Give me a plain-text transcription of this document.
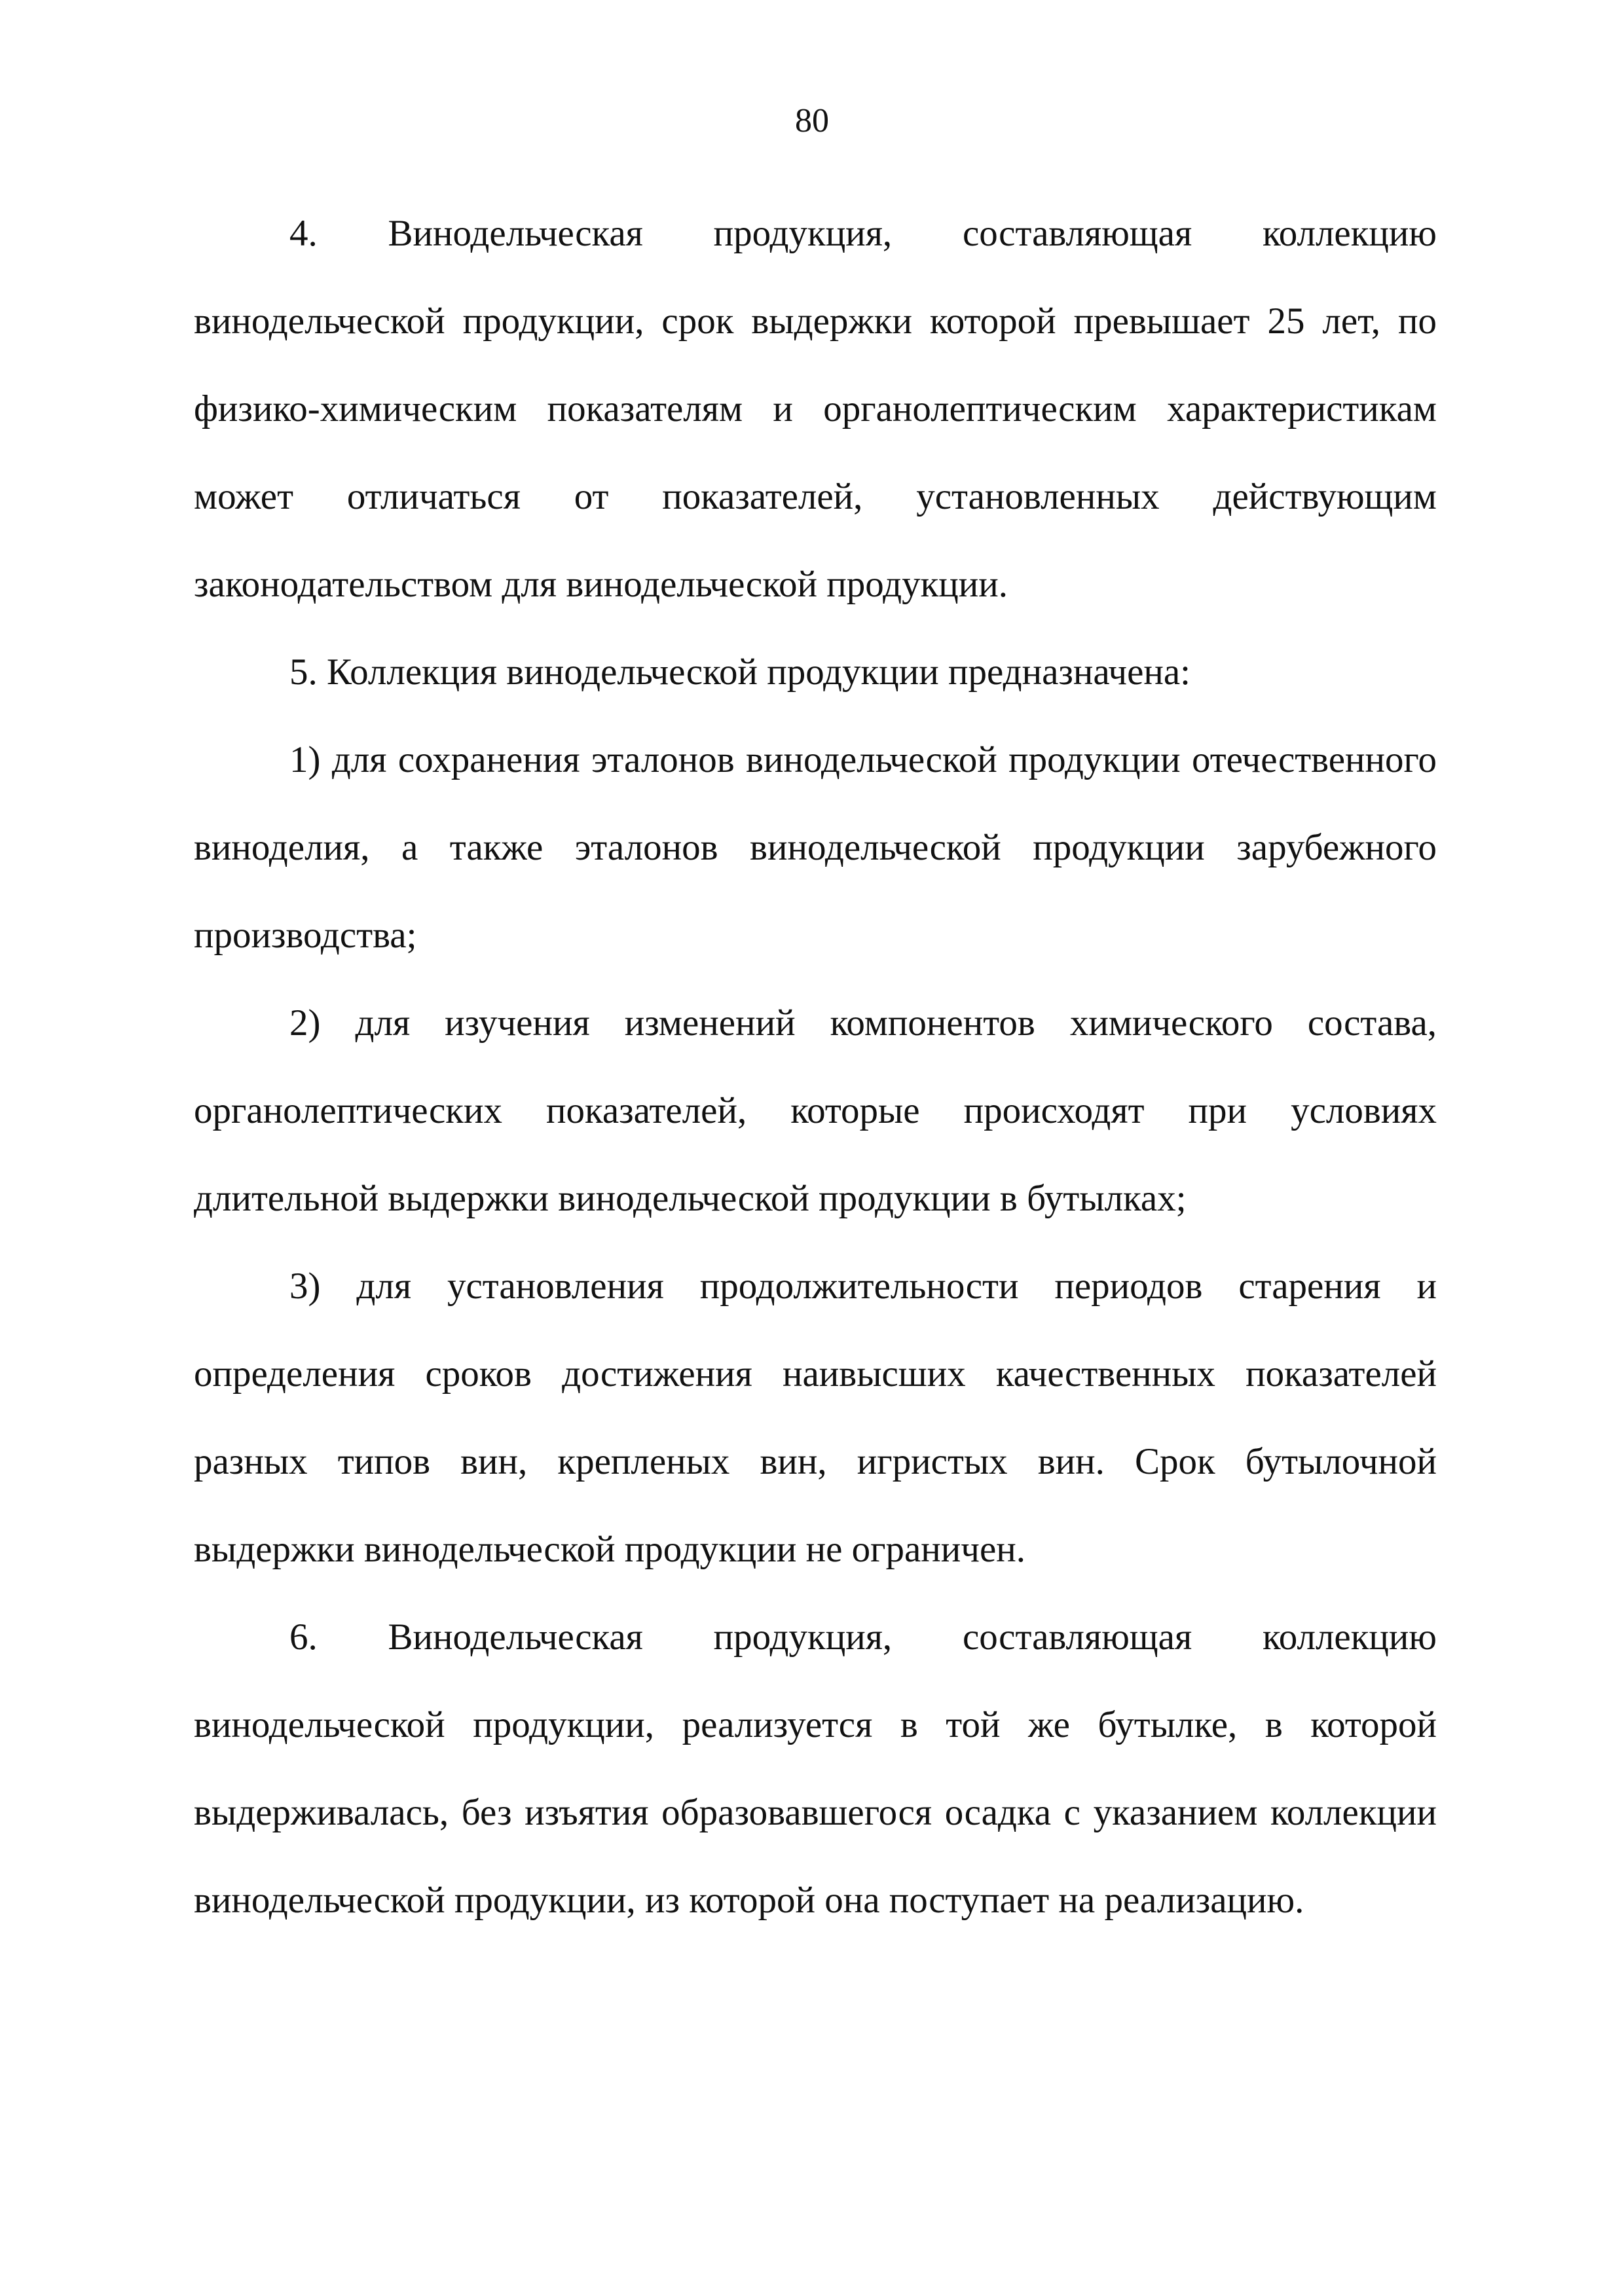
80

4. Винодельческая продукция, составляющая коллекцию винодельческой продукции, срок выдержки которой превышает 25 лет, по физико-химическим показателям и органолептическим характеристикам может отличаться от показателей, установленных действующим законодательством для винодельческой продукции.

5. Коллекция винодельческой продукции предназначена:

1) для сохранения эталонов винодельческой продукции отечественного виноделия, а также эталонов винодельческой продукции зарубежного производства;

2) для изучения изменений компонентов химического состава, органолептических показателей, которые происходят при условиях длительной выдержки винодельческой продукции в бутылках;

3) для установления продолжительности периодов старения и определения сроков достижения наивысших качественных показателей разных типов вин, крепленых вин, игристых вин. Срок бутылочной выдержки винодельческой продукции не ограничен.

6. Винодельческая продукция, составляющая коллекцию винодельческой продукции, реализуется в той же бутылке, в которой выдерживалась, без изъятия образовавшегося осадка с указанием коллекции винодельческой продукции, из которой она поступает на реализацию.
